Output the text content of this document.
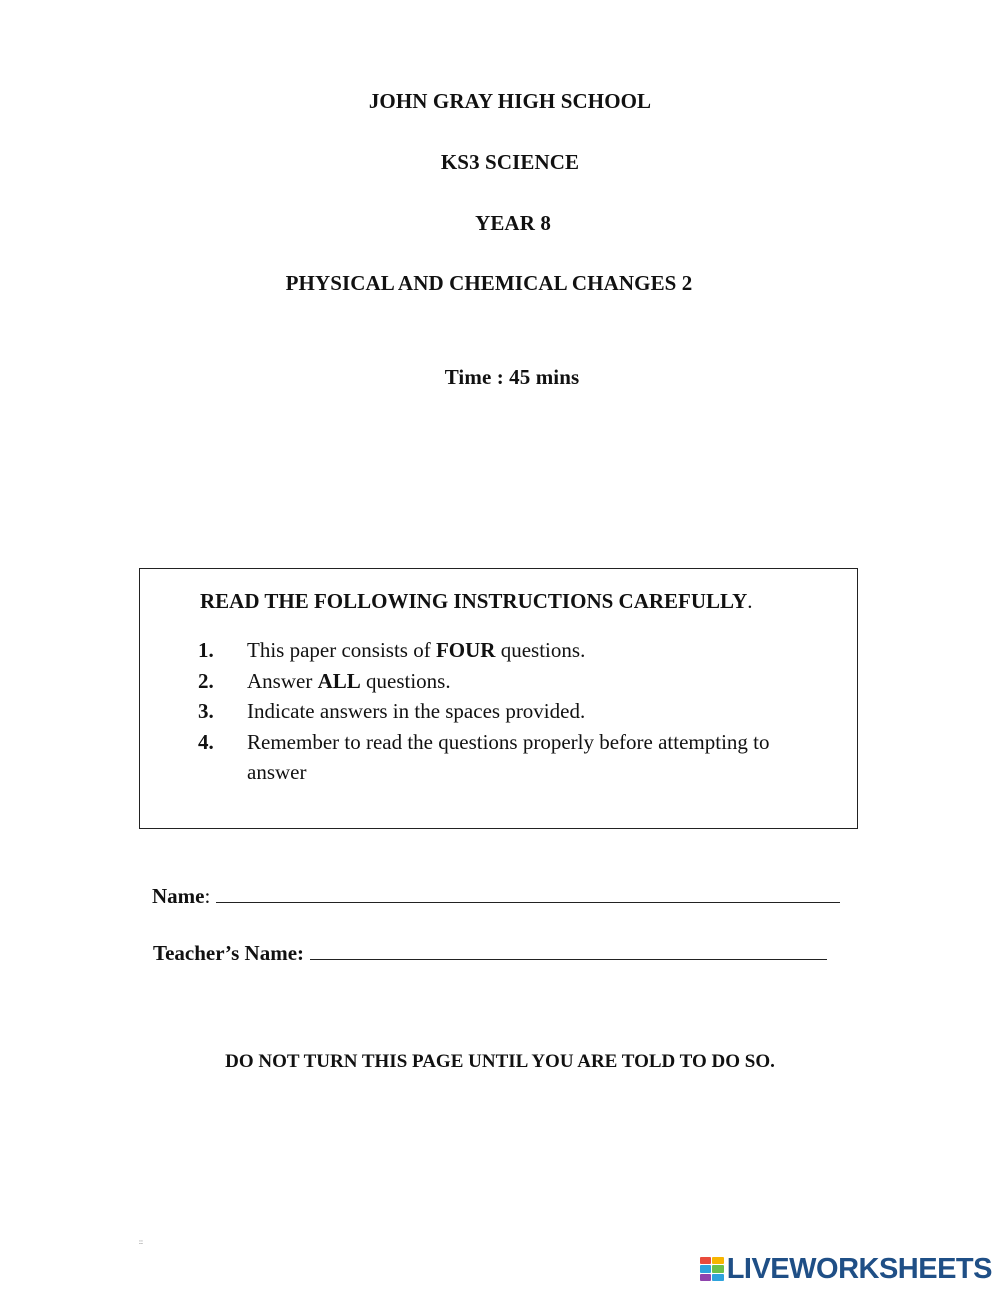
JOHN GRAY HIGH SCHOOL
KS3 SCIENCE
YEAR 8
PHYSICAL AND CHEMICAL CHANGES 2
Time : 45 mins
READ THE FOLLOWING INSTRUCTIONS CAREFULLY.
1. This paper consists of FOUR questions.
2. Answer ALL questions.
3. Indicate answers in the spaces provided.
4. Remember to read the questions properly before attempting to answer
Name:
Teacher’s Name:
DO NOT TURN THIS PAGE UNTIL YOU ARE TOLD TO DO SO.
::
LIVEWORKSHEETS
